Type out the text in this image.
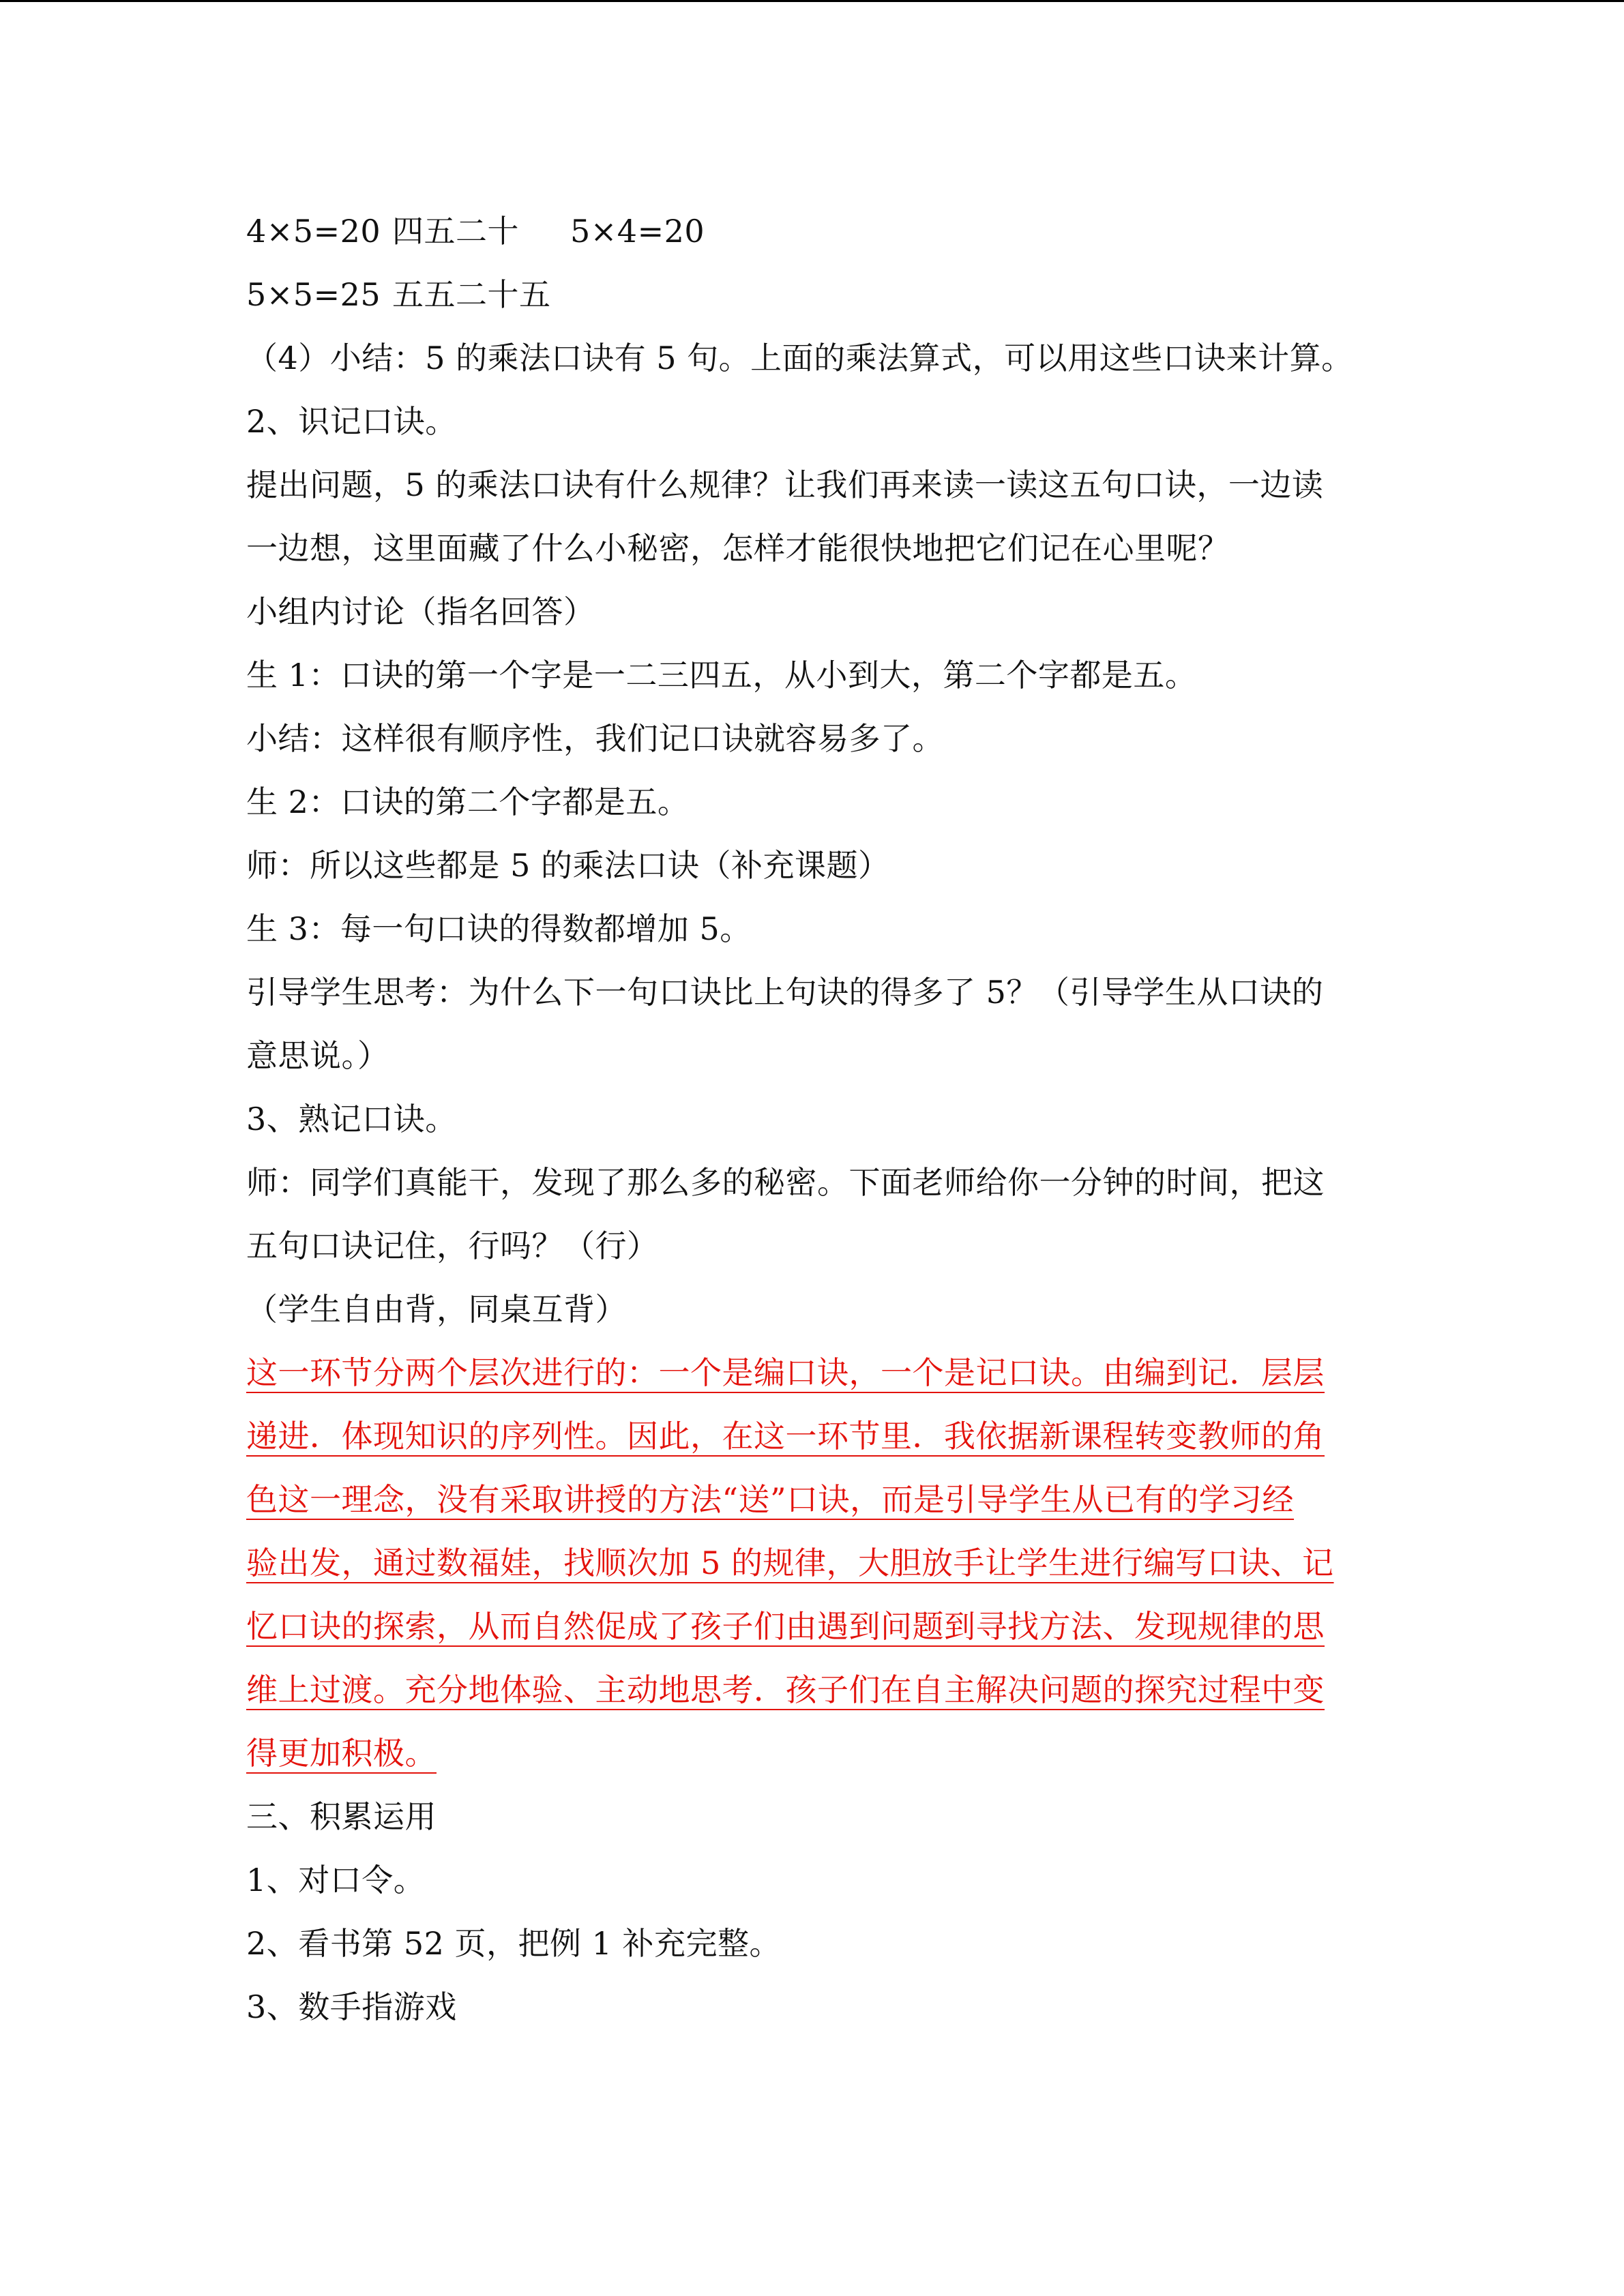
4×5=20 四五二十 5×4=20
5×5=25 五五二十五
（4）小结：5 的乘法口诀有 5 句。上面的乘法算式，可以用这些口诀来计算。
2、识记口诀。
提出问题，5 的乘法口诀有什么规律？让我们再来读一读这五句口诀，一边读
一边想，这里面藏了什么小秘密，怎样才能很快地把它们记在心里呢？
小组内讨论（指名回答）
生 1：口诀的第一个字是一二三四五，从小到大，第二个字都是五。
小结：这样很有顺序性，我们记口诀就容易多了。
生 2：口诀的第二个字都是五。
师：所以这些都是 5 的乘法口诀（补充课题）
生 3：每一句口诀的得数都增加 5。
引导学生思考：为什么下一句口诀比上句诀的得多了 5？（引导学生从口诀的
意思说。）
3、熟记口诀。
师：同学们真能干，发现了那么多的秘密。下面老师给你一分钟的时间，把这
五句口诀记住，行吗？（行）
（学生自由背，同桌互背）
这一环节分两个层次进行的：一个是编口诀，一个是记口诀。由编到记．层层
递进．体现知识的序列性。因此，在这一环节里．我依据新课程转变教师的角
色这一理念，没有采取讲授的方法“送”口诀，而是引导学生从已有的学习经
验出发，通过数福娃，找顺次加 5 的规律，大胆放手让学生进行编写口诀、记
忆口诀的探索，从而自然促成了孩子们由遇到问题到寻找方法、发现规律的思
维上过渡。充分地体验、主动地思考．孩子们在自主解决问题的探究过程中变
得更加积极。
三、积累运用
1、对口令。
2、看书第 52 页，把例 1 补充完整。
3、数手指游戏
